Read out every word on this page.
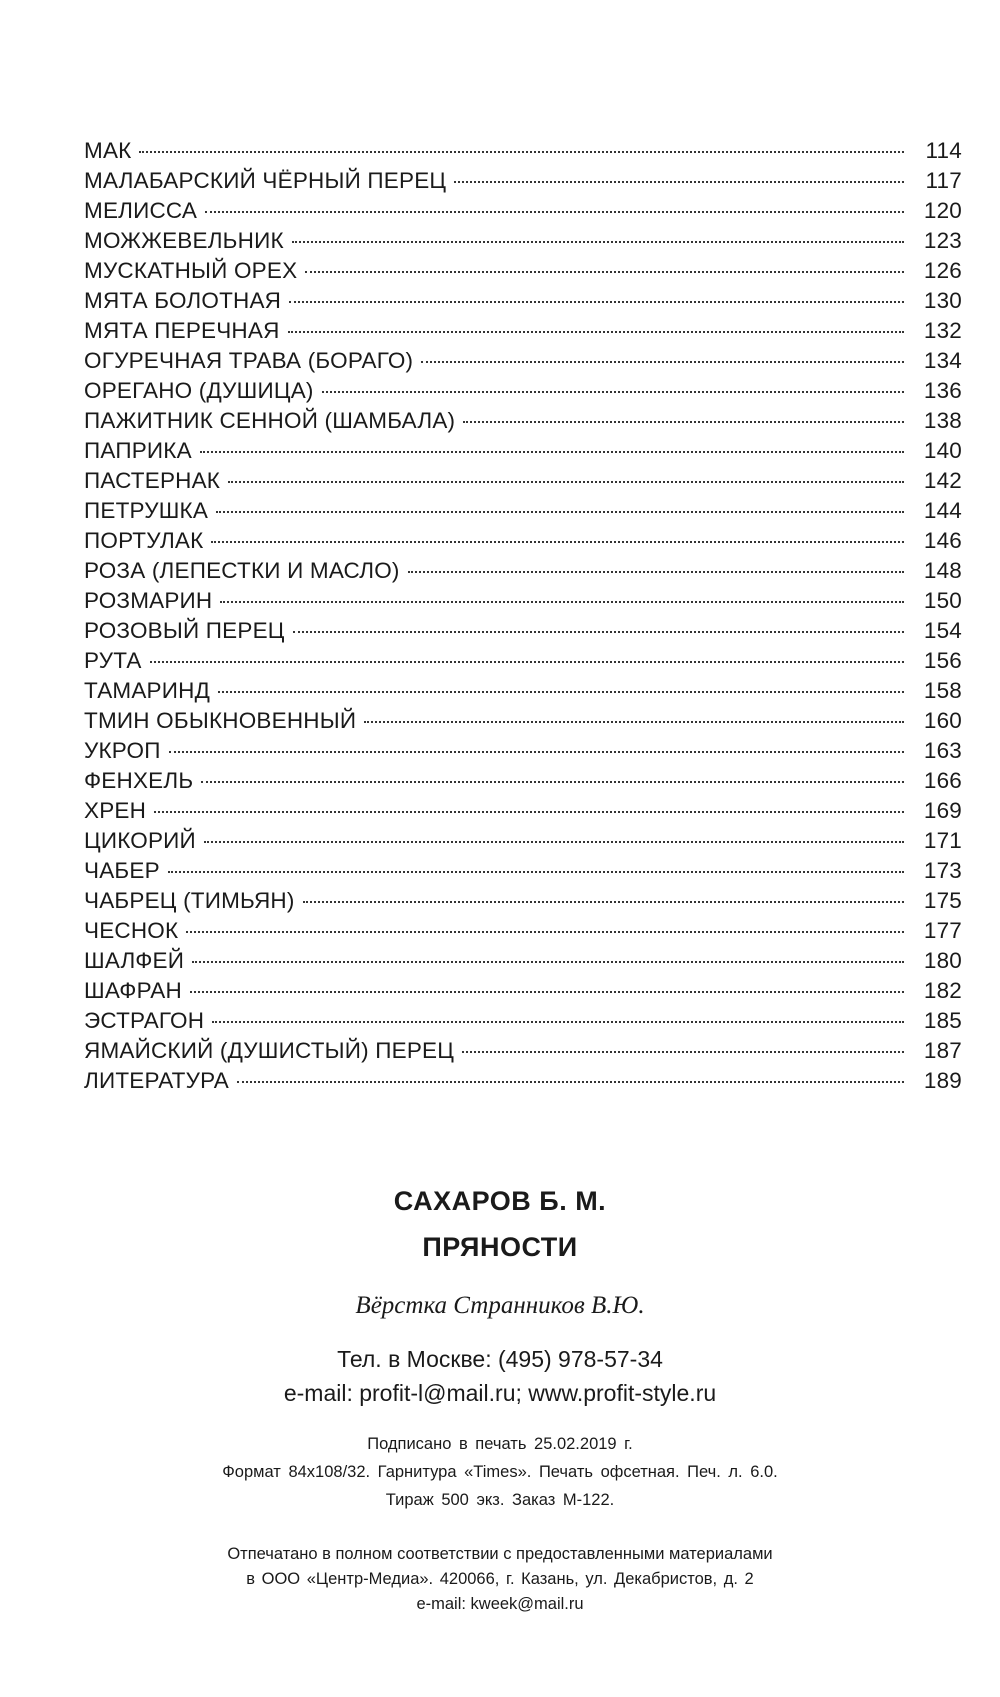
МАК	114
МАЛАБАРСКИЙ ЧЁРНЫЙ ПЕРЕЦ	117
МЕЛИССА	120
МОЖЖЕВЕЛЬНИК	123
МУСКАТНЫЙ ОРЕХ	126
МЯТА БОЛОТНАЯ	130
МЯТА ПЕРЕЧНАЯ	132
ОГУРЕЧНАЯ ТРАВА (БОРАГО)	134
ОРЕГАНО (ДУШИЦА)	136
ПАЖИТНИК СЕННОЙ (ШАМБАЛА)	138
ПАПРИКА	140
ПАСТЕРНАК	142
ПЕТРУШКА	144
ПОРТУЛАК	146
РОЗА (ЛЕПЕСТКИ И МАСЛО)	148
РОЗМАРИН	150
РОЗОВЫЙ ПЕРЕЦ	154
РУТА	156
ТАМАРИНД	158
ТМИН ОБЫКНОВЕННЫЙ	160
УКРОП	163
ФЕНХЕЛЬ	166
ХРЕН	169
ЦИКОРИЙ	171
ЧАБЕР	173
ЧАБРЕЦ (ТИМЬЯН)	175
ЧЕСНОК	177
ШАЛФЕЙ	180
ШАФРАН	182
ЭСТРАГОН	185
ЯМАЙСКИЙ (ДУШИСТЫЙ) ПЕРЕЦ	187
ЛИТЕРАТУРА	189
САХАРОВ Б. М.
ПРЯНОСТИ
Вёрстка Странников В.Ю.
Тел. в Москве: (495) 978-57-34
e-mail: profit-l@mail.ru; www.profit-style.ru
Подписано в печать 25.02.2019 г.
Формат 84x108/32. Гарнитура «Times». Печать офсетная. Печ. л. 6.0.
Тираж 500 экз. Заказ М-122.
Отпечатано в полном соответствии с предоставленными материалами
в ООО «Центр-Медиа». 420066, г. Казань, ул. Декабристов, д. 2
e-mail: kweek@mail.ru
